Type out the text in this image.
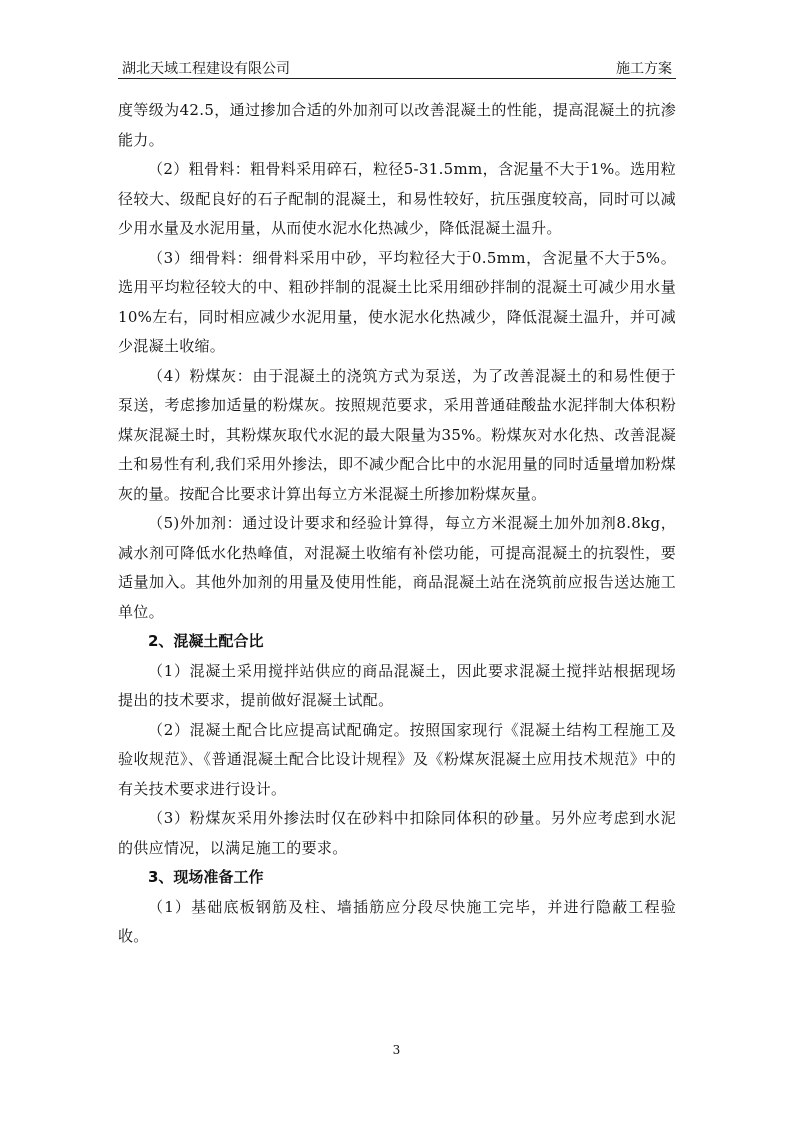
湖北天域工程建设有限公司	施工方案

度等级为42.5，通过掺加合适的外加剂可以改善混凝土的性能，提高混凝土的抗渗能力。

（2）粗骨料：粗骨料采用碎石，粒径5-31.5mm，含泥量不大于1%。选用粒径较大、级配良好的石子配制的混凝土，和易性较好，抗压强度较高，同时可以减少用水量及水泥用量，从而使水泥水化热减少，降低混凝土温升。

（3）细骨料：细骨料采用中砂，平均粒径大于0.5mm，含泥量不大于5%。选用平均粒径较大的中、粗砂拌制的混凝土比采用细砂拌制的混凝土可减少用水量10%左右，同时相应减少水泥用量，使水泥水化热减少，降低混凝土温升，并可减少混凝土收缩。

（4）粉煤灰：由于混凝土的浇筑方式为泵送，为了改善混凝土的和易性便于泵送，考虑掺加适量的粉煤灰。按照规范要求，采用普通硅酸盐水泥拌制大体积粉煤灰混凝土时，其粉煤灰取代水泥的最大限量为35%。粉煤灰对水化热、改善混凝土和易性有利,我们采用外掺法，即不减少配合比中的水泥用量的同时适量增加粉煤灰的量。按配合比要求计算出每立方米混凝土所掺加粉煤灰量。

（5)外加剂：通过设计要求和经验计算得，每立方米混凝土加外加剂8.8kg，减水剂可降低水化热峰值，对混凝土收缩有补偿功能，可提高混凝土的抗裂性，要适量加入。其他外加剂的用量及使用性能，商品混凝土站在浇筑前应报告送达施工单位。

2、混凝土配合比

（1）混凝土采用搅拌站供应的商品混凝土，因此要求混凝土搅拌站根据现场提出的技术要求，提前做好混凝土试配。

（2）混凝土配合比应提高试配确定。按照国家现行《混凝土结构工程施工及验收规范》、《普通混凝土配合比设计规程》及《粉煤灰混凝土应用技术规范》中的有关技术要求进行设计。

（3）粉煤灰采用外掺法时仅在砂料中扣除同体积的砂量。另外应考虑到水泥的供应情况，以满足施工的要求。

3、现场准备工作

（1）基础底板钢筋及柱、墙插筋应分段尽快施工完毕，并进行隐蔽工程验收。

3
